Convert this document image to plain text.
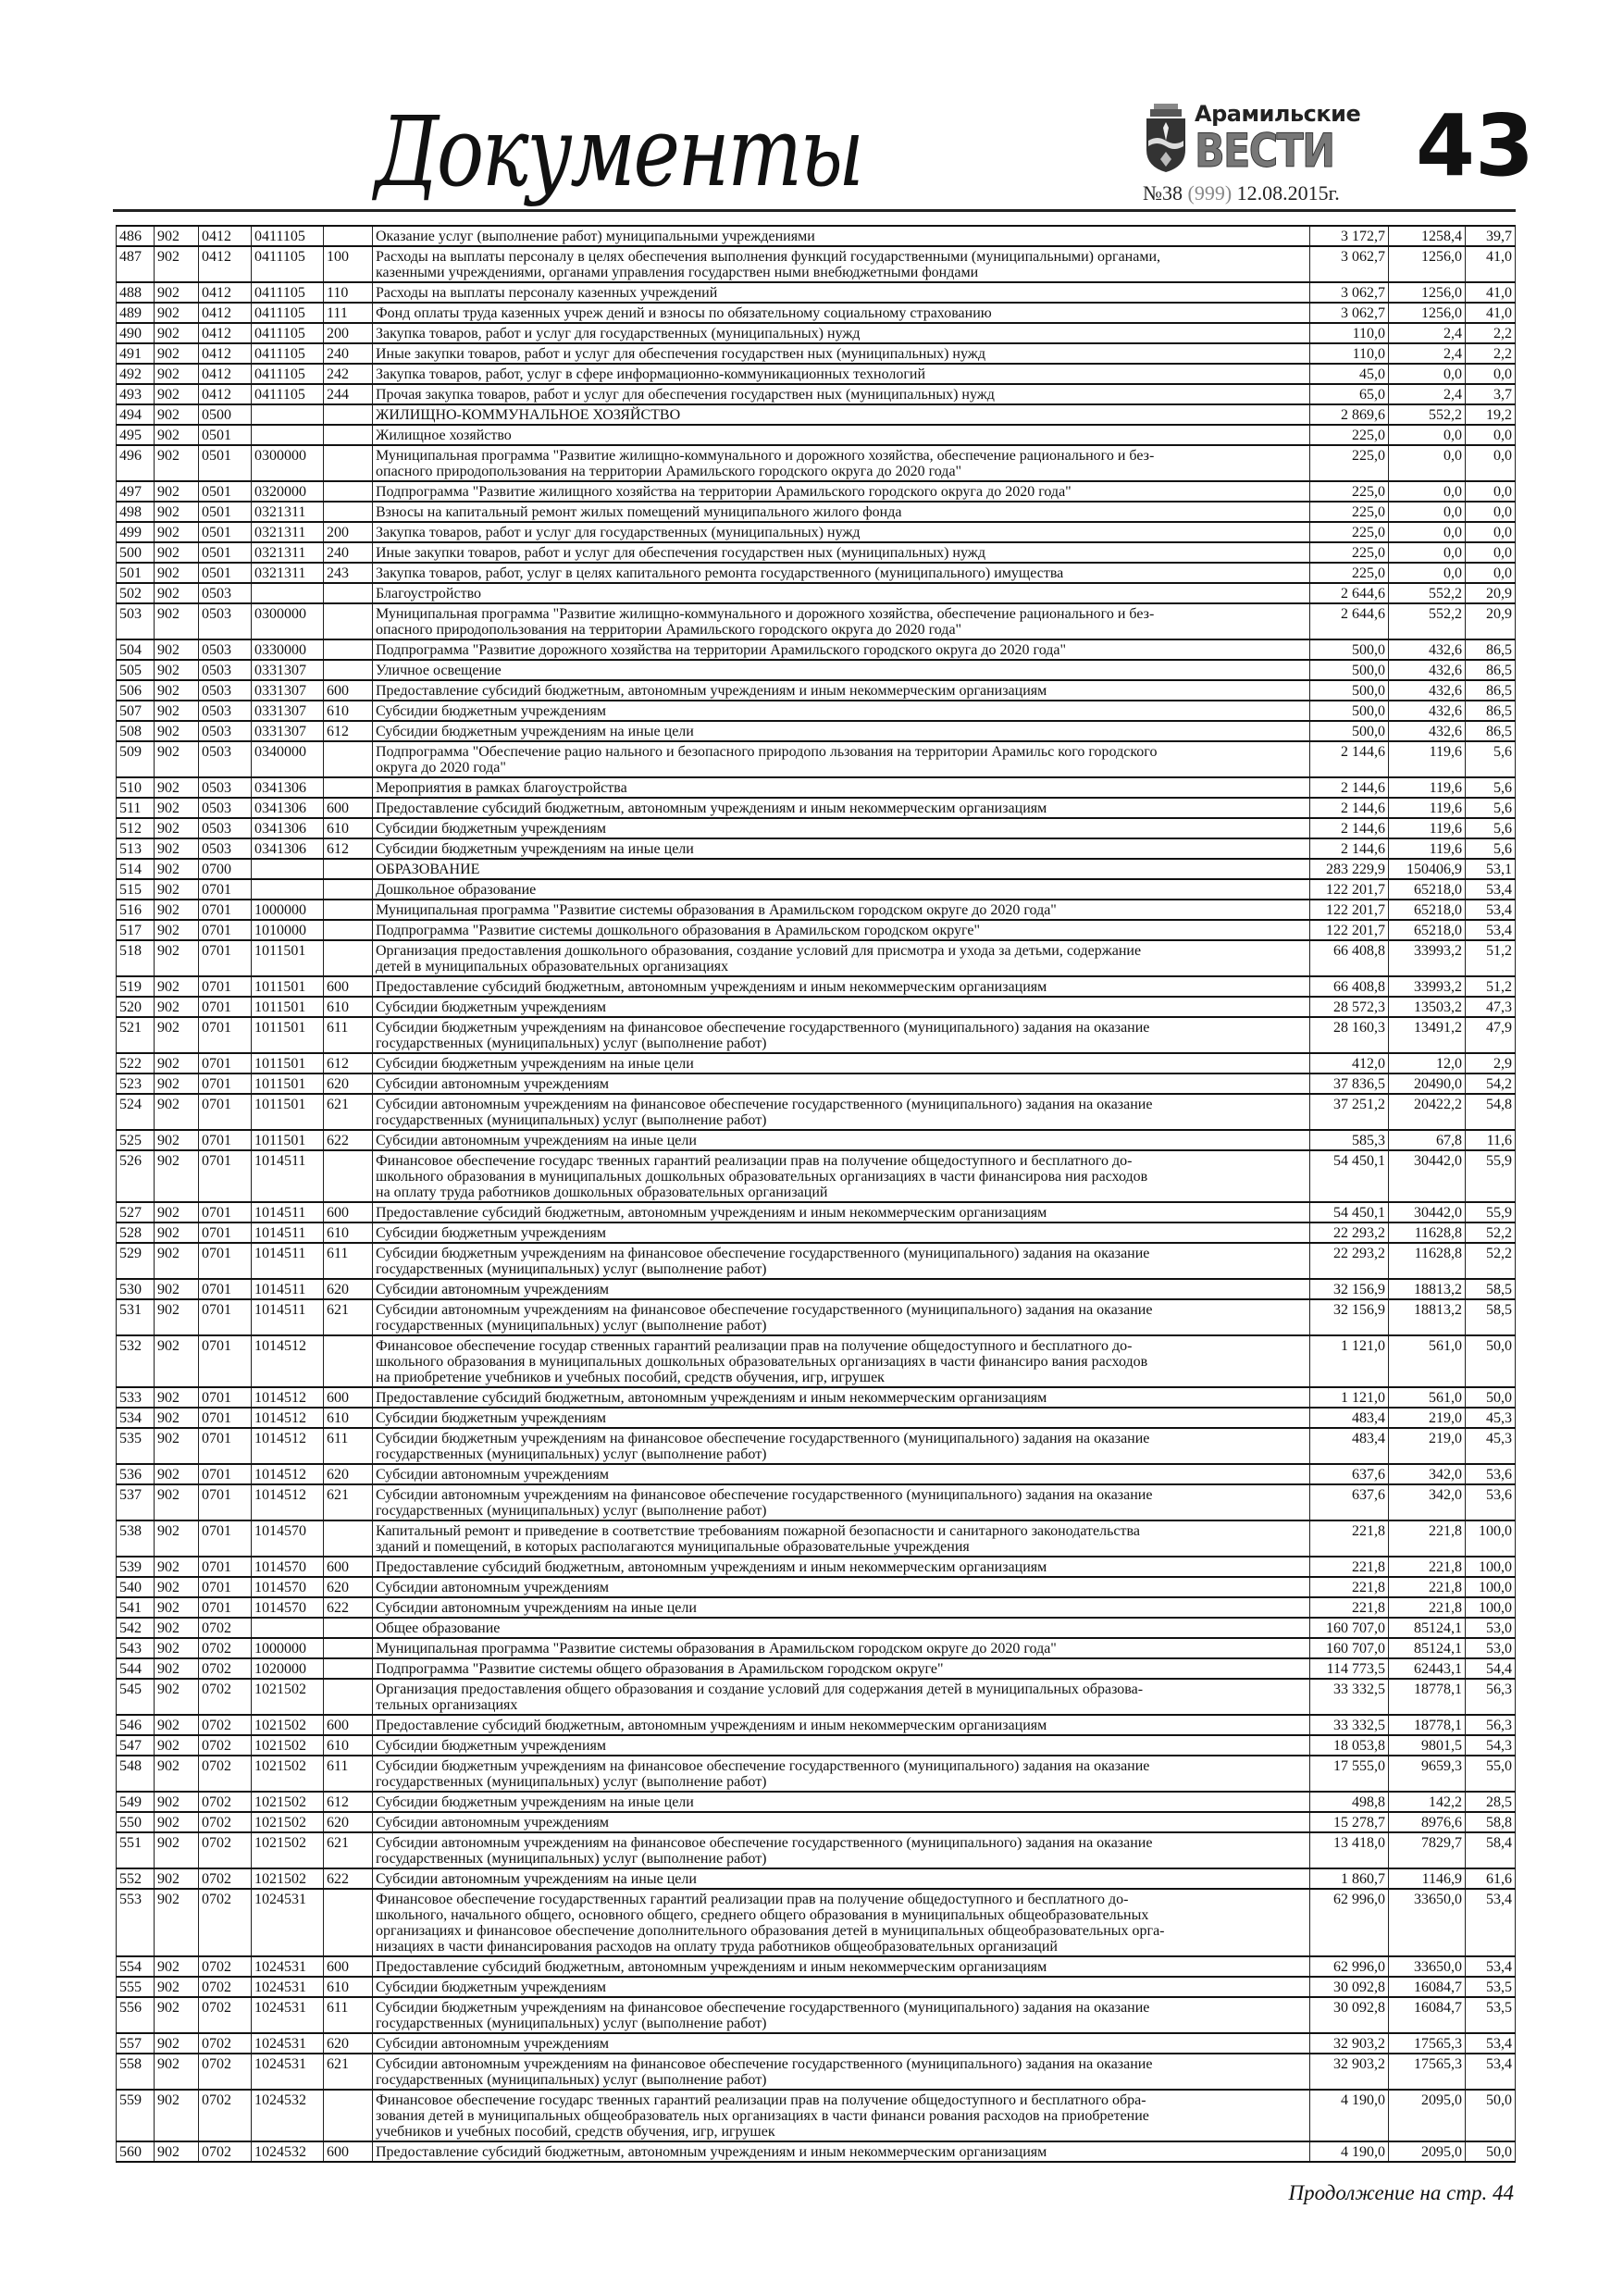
Документы	Арамильские
ВЕСТИ
№38 (999) 12.08.2015г. 43
486	902	0412	0411105		Оказание услуг (выполнение работ) муниципальными учреждениями	3 172,7	1258,4	39,7
487	902	0412	0411105	100	Расходы на выплаты персоналу в целях обеспечения выполнения функций государственными (муниципальными) органами,
казенными учреждениями, органами управления государствен ными внебюджетными фондами	3 062,7	1256,0	41,0
488	902	0412	0411105	110	Расходы на выплаты персоналу казенных учреждений	3 062,7	1256,0	41,0
489	902	0412	0411105	111	Фонд оплаты труда казенных учреж дений и взносы по обязательному социальному страхованию	3 062,7	1256,0	41,0
490	902	0412	0411105	200	Закупка товаров, работ и услуг для государственных (муниципальных) нужд	110,0	2,4	2,2
491	902	0412	0411105	240	Иные закупки товаров, работ и услуг для обеспечения государствен ных (муниципальных) нужд	110,0	2,4	2,2
492	902	0412	0411105	242	Закупка товаров, работ, услуг в сфере информационно-коммуникационных технологий	45,0	0,0	0,0
493	902	0412	0411105	244	Прочая закупка товаров, работ и услуг для обеспечения государствен ных (муниципальных) нужд	65,0	2,4	3,7
494	902	0500			ЖИЛИЩНО-КОММУНАЛЬНОЕ ХОЗЯЙСТВО	2 869,6	552,2	19,2
495	902	0501			Жилищное хозяйство	225,0	0,0	0,0
496	902	0501	0300000		Муниципальная программа "Развитие жилищно-коммунального и дорожного хозяйства, обеспечение рационального и без-
опасного природопользования на территории Арамильского городского округа до 2020 года"	225,0	0,0	0,0
497	902	0501	0320000		Подпрограмма "Развитие жилищного хозяйства на территории Арамильского городского округа до 2020 года"	225,0	0,0	0,0
498	902	0501	0321311		Взносы на капитальный ремонт жилых помещений муниципального жилого фонда	225,0	0,0	0,0
499	902	0501	0321311	200	Закупка товаров, работ и услуг для государственных (муниципальных) нужд	225,0	0,0	0,0
500	902	0501	0321311	240	Иные закупки товаров, работ и услуг для обеспечения государствен ных (муниципальных) нужд	225,0	0,0	0,0
501	902	0501	0321311	243	Закупка товаров, работ, услуг в целях капитального ремонта государственного (муниципального) имущества	225,0	0,0	0,0
502	902	0503			Благоустройство	2 644,6	552,2	20,9
503	902	0503	0300000		Муниципальная программа "Развитие жилищно-коммунального и дорожного хозяйства, обеспечение рационального и без-
опасного природопользования на территории Арамильского городского округа до 2020 года"	2 644,6	552,2	20,9
504	902	0503	0330000		Подпрограмма "Развитие дорожного хозяйства на территории Арамильского городского округа до 2020 года"	500,0	432,6	86,5
505	902	0503	0331307		Уличное освещение	500,0	432,6	86,5
506	902	0503	0331307	600	Предоставление субсидий бюджетным, автономным учреждениям и иным некоммерческим организациям	500,0	432,6	86,5
507	902	0503	0331307	610	Субсидии бюджетным учреждениям	500,0	432,6	86,5
508	902	0503	0331307	612	Субсидии бюджетным учреждениям на иные цели	500,0	432,6	86,5
509	902	0503	0340000		Подпрограмма "Обеспечение рацио нального и безопасного природопо льзования на территории Арамильс кого городского
округа до 2020 года"	2 144,6	119,6	5,6
510	902	0503	0341306		Мероприятия в рамках благоустройства	2 144,6	119,6	5,6
511	902	0503	0341306	600	Предоставление субсидий бюджетным, автономным учреждениям и иным некоммерческим организациям	2 144,6	119,6	5,6
512	902	0503	0341306	610	Субсидии бюджетным учреждениям	2 144,6	119,6	5,6
513	902	0503	0341306	612	Субсидии бюджетным учреждениям на иные цели	2 144,6	119,6	5,6
514	902	0700			ОБРАЗОВАНИЕ	283 229,9	150406,9	53,1
515	902	0701			Дошкольное образование	122 201,7	65218,0	53,4
516	902	0701	1000000		Муниципальная программа "Развитие системы образования в Арамильском городском округе до 2020 года"	122 201,7	65218,0	53,4
517	902	0701	1010000		Подпрограмма "Развитие системы дошкольного образования в Арамильском городском округе"	122 201,7	65218,0	53,4
518	902	0701	1011501		Организация предоставления дошкольного образования, создание условий для присмотра и ухода за детьми, содержание
детей в муниципальных образовательных организациях	66 408,8	33993,2	51,2
519	902	0701	1011501	600	Предоставление субсидий бюджетным, автономным учреждениям и иным некоммерческим организациям	66 408,8	33993,2	51,2
520	902	0701	1011501	610	Субсидии бюджетным учреждениям	28 572,3	13503,2	47,3
521	902	0701	1011501	611	Субсидии бюджетным учреждениям на финансовое обеспечение государственного (муниципального) задания на оказание
государственных (муниципальных) услуг (выполнение работ)	28 160,3	13491,2	47,9
522	902	0701	1011501	612	Субсидии бюджетным учреждениям на иные цели	412,0	12,0	2,9
523	902	0701	1011501	620	Субсидии автономным учреждениям	37 836,5	20490,0	54,2
524	902	0701	1011501	621	Субсидии автономным учреждениям на финансовое обеспечение государственного (муниципального) задания на оказание
государственных (муниципальных) услуг (выполнение работ)	37 251,2	20422,2	54,8
525	902	0701	1011501	622	Субсидии автономным учреждениям на иные цели	585,3	67,8	11,6
526	902	0701	1014511		Финансовое обеспечение государс твенных гарантий реализации прав на получение общедоступного и бесплатного до-
школьного образования в муниципальных дошкольных образовательных организациях в части финансирова ния расходов
на оплату труда работников дошкольных образовательных организаций	54 450,1	30442,0	55,9
527	902	0701	1014511	600	Предоставление субсидий бюджетным, автономным учреждениям и иным некоммерческим организациям	54 450,1	30442,0	55,9
528	902	0701	1014511	610	Субсидии бюджетным учреждениям	22 293,2	11628,8	52,2
529	902	0701	1014511	611	Субсидии бюджетным учреждениям на финансовое обеспечение государственного (муниципального) задания на оказание
государственных (муниципальных) услуг (выполнение работ)	22 293,2	11628,8	52,2
530	902	0701	1014511	620	Субсидии автономным учреждениям	32 156,9	18813,2	58,5
531	902	0701	1014511	621	Субсидии автономным учреждениям на финансовое обеспечение государственного (муниципального) задания на оказание
государственных (муниципальных) услуг (выполнение работ)	32 156,9	18813,2	58,5
532	902	0701	1014512		Финансовое обеспечение государ ственных гарантий реализации прав на получение общедоступного и бесплатного до-
школьного образования в муниципальных дошкольных образовательных организациях в части финансиро вания расходов
на приобретение учебников и учебных пособий, средств обучения, игр, игрушек	1 121,0	561,0	50,0
533	902	0701	1014512	600	Предоставление субсидий бюджетным, автономным учреждениям и иным некоммерческим организациям	1 121,0	561,0	50,0
534	902	0701	1014512	610	Субсидии бюджетным учреждениям	483,4	219,0	45,3
535	902	0701	1014512	611	Субсидии бюджетным учреждениям на финансовое обеспечение государственного (муниципального) задания на оказание
государственных (муниципальных) услуг (выполнение работ)	483,4	219,0	45,3
536	902	0701	1014512	620	Субсидии автономным учреждениям	637,6	342,0	53,6
537	902	0701	1014512	621	Субсидии автономным учреждениям на финансовое обеспечение государственного (муниципального) задания на оказание
государственных (муниципальных) услуг (выполнение работ)	637,6	342,0	53,6
538	902	0701	1014570		Капитальный ремонт и приведение в соответствие требованиям пожарной безопасности и санитарного законодательства
зданий и помещений, в которых располагаются муниципальные образовательные учреждения	221,8	221,8	100,0
539	902	0701	1014570	600	Предоставление субсидий бюджетным, автономным учреждениям и иным некоммерческим организациям	221,8	221,8	100,0
540	902	0701	1014570	620	Субсидии автономным учреждениям	221,8	221,8	100,0
541	902	0701	1014570	622	Субсидии автономным учреждениям на иные цели	221,8	221,8	100,0
542	902	0702			Общее образование	160 707,0	85124,1	53,0
543	902	0702	1000000		Муниципальная программа "Развитие системы образования в Арамильском городском округе до 2020 года"	160 707,0	85124,1	53,0
544	902	0702	1020000		Подпрограмма "Развитие системы общего образования в Арамильском городском округе"	114 773,5	62443,1	54,4
545	902	0702	1021502		Организация предоставления общего образования и создание условий для содержания детей в муниципальных образова-
тельных организациях	33 332,5	18778,1	56,3
546	902	0702	1021502	600	Предоставление субсидий бюджетным, автономным учреждениям и иным некоммерческим организациям	33 332,5	18778,1	56,3
547	902	0702	1021502	610	Субсидии бюджетным учреждениям	18 053,8	9801,5	54,3
548	902	0702	1021502	611	Субсидии бюджетным учреждениям на финансовое обеспечение государственного (муниципального) задания на оказание
государственных (муниципальных) услуг (выполнение работ)	17 555,0	9659,3	55,0
549	902	0702	1021502	612	Субсидии бюджетным учреждениям на иные цели	498,8	142,2	28,5
550	902	0702	1021502	620	Субсидии автономным учреждениям	15 278,7	8976,6	58,8
551	902	0702	1021502	621	Субсидии автономным учреждениям на финансовое обеспечение государственного (муниципального) задания на оказание
государственных (муниципальных) услуг (выполнение работ)	13 418,0	7829,7	58,4
552	902	0702	1021502	622	Субсидии автономным учреждениям на иные цели	1 860,7	1146,9	61,6
553	902	0702	1024531		Финансовое обеспечение государственных гарантий реализации прав на получение общедоступного и бесплатного до-
школьного, начального общего, основного общего, среднего общего образования в муниципальных общеобразовательных
организациях и финансовое обеспечение дополнительного образования детей в муниципальных общеобразовательных орга-
низациях в части финансирования расходов на оплату труда работников общеобразовательных организаций	62 996,0	33650,0	53,4
554	902	0702	1024531	600	Предоставление субсидий бюджетным, автономным учреждениям и иным некоммерческим организациям	62 996,0	33650,0	53,4
555	902	0702	1024531	610	Субсидии бюджетным учреждениям	30 092,8	16084,7	53,5
556	902	0702	1024531	611	Субсидии бюджетным учреждениям на финансовое обеспечение государственного (муниципального) задания на оказание
государственных (муниципальных) услуг (выполнение работ)	30 092,8	16084,7	53,5
557	902	0702	1024531	620	Субсидии автономным учреждениям	32 903,2	17565,3	53,4
558	902	0702	1024531	621	Субсидии автономным учреждениям на финансовое обеспечение государственного (муниципального) задания на оказание
государственных (муниципальных) услуг (выполнение работ)	32 903,2	17565,3	53,4
559	902	0702	1024532		Финансовое обеспечение государс твенных гарантий реализации прав на получение общедоступного и бесплатного обра-
зования детей в муниципальных общеобразователь ных организациях в части финанси рования расходов на приобретение
учебников и учебных пособий, средств обучения, игр, игрушек	4 190,0	2095,0	50,0
560	902	0702	1024532	600	Предоставление субсидий бюджетным, автономным учреждениям и иным некоммерческим организациям	4 190,0	2095,0	50,0
Продолжение на стр. 44
